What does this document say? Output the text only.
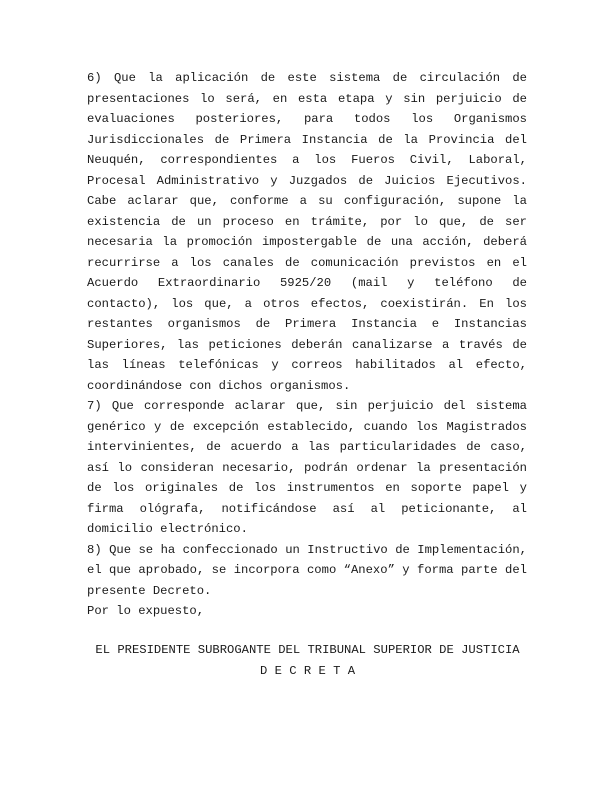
6) Que la aplicación de este sistema de circulación de presentaciones lo será, en esta etapa y sin perjuicio de evaluaciones posteriores, para todos los Organismos Jurisdiccionales de Primera Instancia de la Provincia del Neuquén, correspondientes a los Fueros Civil, Laboral, Procesal Administrativo y Juzgados de Juicios Ejecutivos. Cabe aclarar que, conforme a su configuración, supone la existencia de un proceso en trámite, por lo que, de ser necesaria la promoción impostergable de una acción, deberá recurrirse a los canales de comunicación previstos en el Acuerdo Extraordinario 5925/20 (mail y teléfono de contacto), los que, a otros efectos, coexistirán. En los restantes organismos de Primera Instancia e Instancias Superiores, las peticiones deberán canalizarse a través de las líneas telefónicas y correos habilitados al efecto, coordinándose con dichos organismos.

7) Que corresponde aclarar que, sin perjuicio del sistema genérico y de excepción establecido, cuando los Magistrados intervinientes, de acuerdo a las particularidades de caso, así lo consideran necesario, podrán ordenar la presentación de los originales de los instrumentos en soporte papel y firma ológrafa, notificándose así al peticionante, al domicilio electrónico.

8) Que se ha confeccionado un Instructivo de Implementación, el que aprobado, se incorpora como “Anexo” y forma parte del presente Decreto.

Por lo expuesto,

EL PRESIDENTE SUBROGANTE DEL TRIBUNAL SUPERIOR DE JUSTICIA

D E C R E T A
